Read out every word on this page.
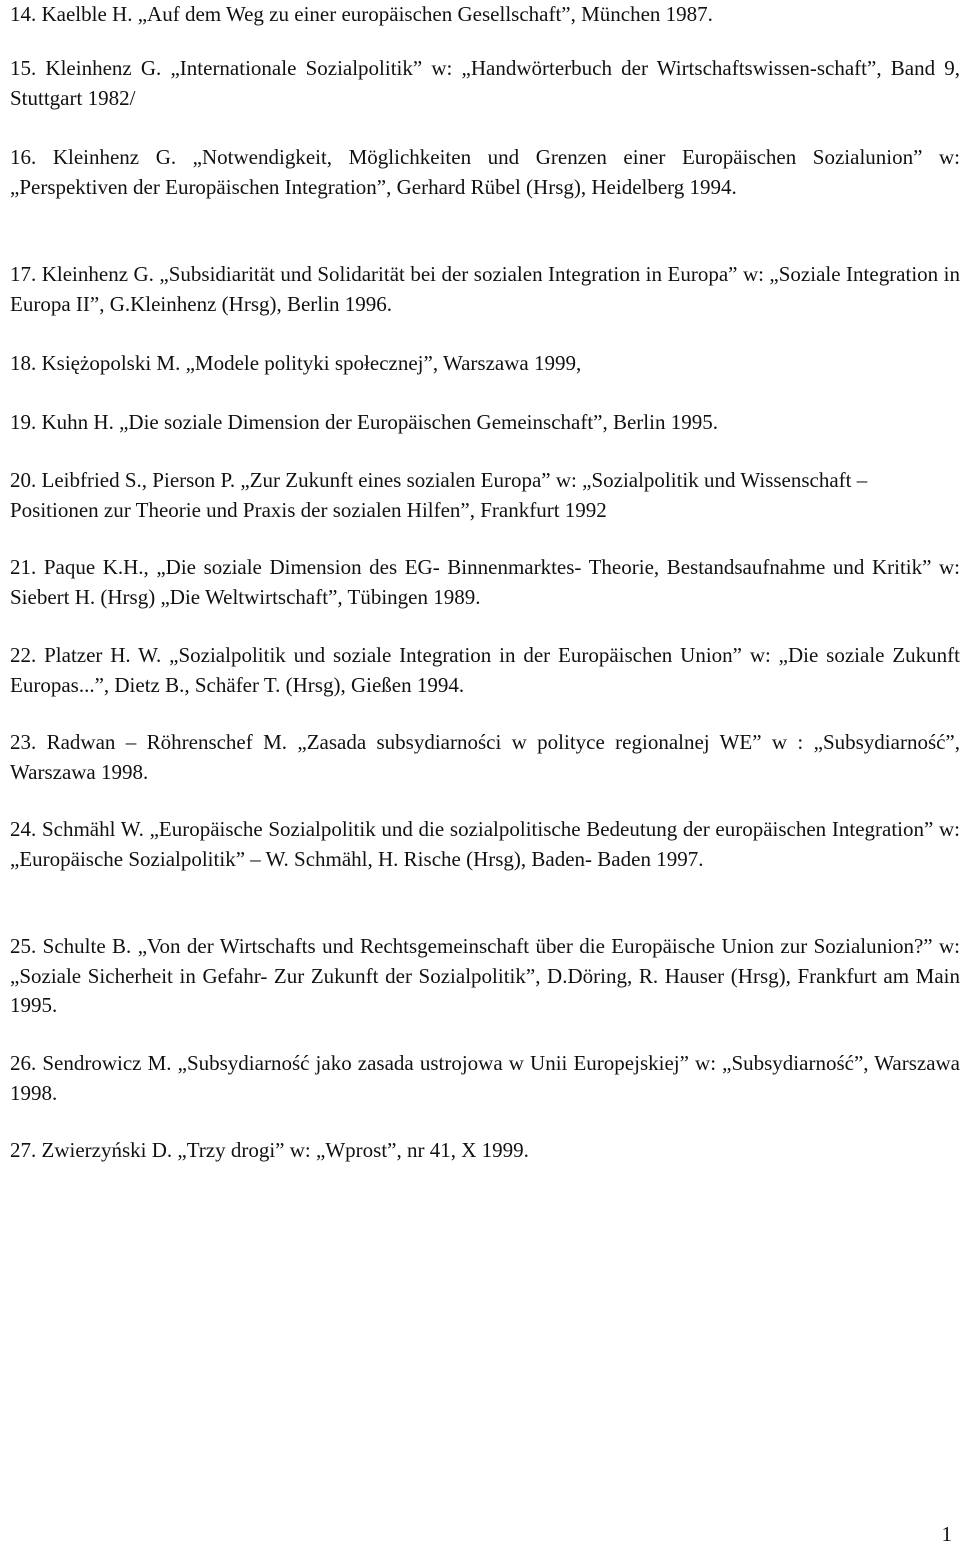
14. Kaelble H. „Auf dem Weg zu einer europäischen Gesellschaft”, München 1987.
15. Kleinhenz G. „Internationale Sozialpolitik” w: „Handwörterbuch der Wirtschaftswissen-schaft”, Band 9, Stuttgart 1982/
16. Kleinhenz G. „Notwendigkeit, Möglichkeiten und Grenzen einer Europäischen Sozialunion” w: „Perspektiven der Europäischen Integration”, Gerhard Rübel (Hrsg), Heidelberg 1994.
17. Kleinhenz G. „Subsidiarität und Solidarität bei der sozialen Integration in Europa” w: „Soziale Integration in Europa II”, G.Kleinhenz (Hrsg), Berlin 1996.
18. Księżopolski M. „Modele polityki społecznej”, Warszawa 1999,
19. Kuhn H. „Die soziale Dimension der Europäischen Gemeinschaft”, Berlin 1995.
20. Leibfried S., Pierson P. „Zur Zukunft eines sozialen Europa” w: „Sozialpolitik und Wissenschaft – Positionen zur Theorie und Praxis der sozialen Hilfen”, Frankfurt 1992
21. Paque K.H., „Die soziale Dimension des EG- Binnenmarktes- Theorie, Bestandsaufnahme und Kritik” w: Siebert H. (Hrsg) „Die Weltwirtschaft”, Tübingen 1989.
22. Platzer H. W. „Sozialpolitik und soziale Integration in der Europäischen Union” w: „Die soziale Zukunft Europas...”, Dietz B., Schäfer T. (Hrsg), Gießen 1994.
23. Radwan – Röhrenschef M. „Zasada subsydiarności w polityce regionalnej WE” w : „Subsydiarność”, Warszawa 1998.
24. Schmähl W. „Europäische Sozialpolitik und die sozialpolitische Bedeutung der europäischen Integration” w: „Europäische Sozialpolitik” – W. Schmähl, H. Rische (Hrsg), Baden- Baden 1997.
25. Schulte B. „Von der Wirtschafts und Rechtsgemeinschaft über die Europäische Union zur Sozialunion?” w: „Soziale Sicherheit in Gefahr- Zur Zukunft der Sozialpolitik”, D.Döring, R. Hauser (Hrsg), Frankfurt am Main 1995.
26. Sendrowicz M. „Subsydiarność jako zasada ustrojowa w Unii Europejskiej” w: „Subsydiarność”, Warszawa 1998.
27. Zwierzyński D. „Trzy drogi” w: „Wprost”, nr 41, X 1999.
1
